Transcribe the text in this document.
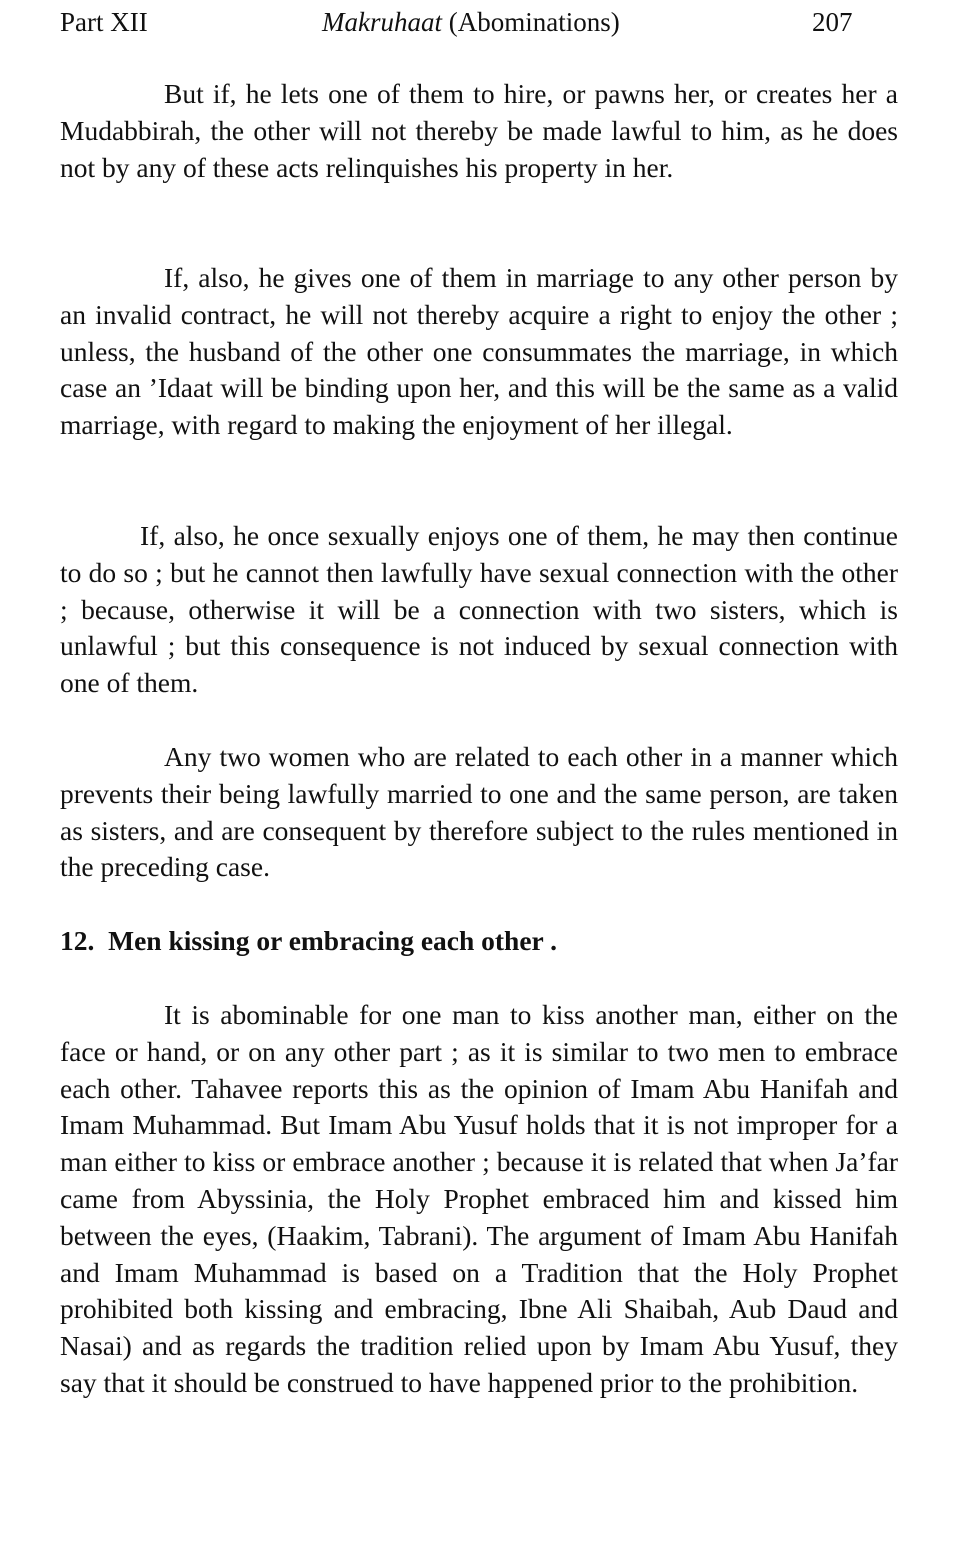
Part XII	Makruhaat (Abominations)	207

But if, he lets one of them to hire, or pawns her, or creates her a Mudabbirah, the other will not thereby be made lawful to him, as he does not by any of these acts relinquishes his property in her.

If, also, he gives one of them in marriage to any other person by an invalid contract, he will not thereby acquire a right to enjoy the other ; unless, the husband of the other one consummates the marriage, in which case an ’Idaat will be binding upon her, and this will be the same as a valid marriage, with regard to making the enjoyment of her illegal.

If, also, he once sexually enjoys one of them, he may then continue to do so ; but he cannot then lawfully have sexual connection with the other ; because, otherwise it will be a connection with two sisters, which is unlawful ; but this consequence is not induced by sexual connection with one of them.

Any two women who are related to each other in a manner which prevents their being lawfully married to one and the same person, are taken as sisters, and are consequent by therefore subject to the rules mentioned in the preceding case.

12.  Men kissing or embracing each other .

It is abominable for one man to kiss another man, either on the face or hand, or on any other part ; as it is similar to two men to embrace each other. Tahavee reports this as the opinion of Imam Abu Hanifah and Imam Muhammad. But Imam Abu Yusuf holds that it is not improper for a man either to kiss or embrace another ; because it is related that when Ja’far came from Abyssinia, the Holy Prophet embraced him and kissed him between the eyes, (Haakim, Tabrani). The argument of Imam Abu Hanifah and Imam Muhammad is based on a Tradition that the Holy Prophet prohibited both kissing and embracing, Ibne Ali Shaibah, Aub Daud and Nasai) and as regards the tradition relied upon by Imam Abu Yusuf, they say that it should be construed to have happened prior to the prohibition.
